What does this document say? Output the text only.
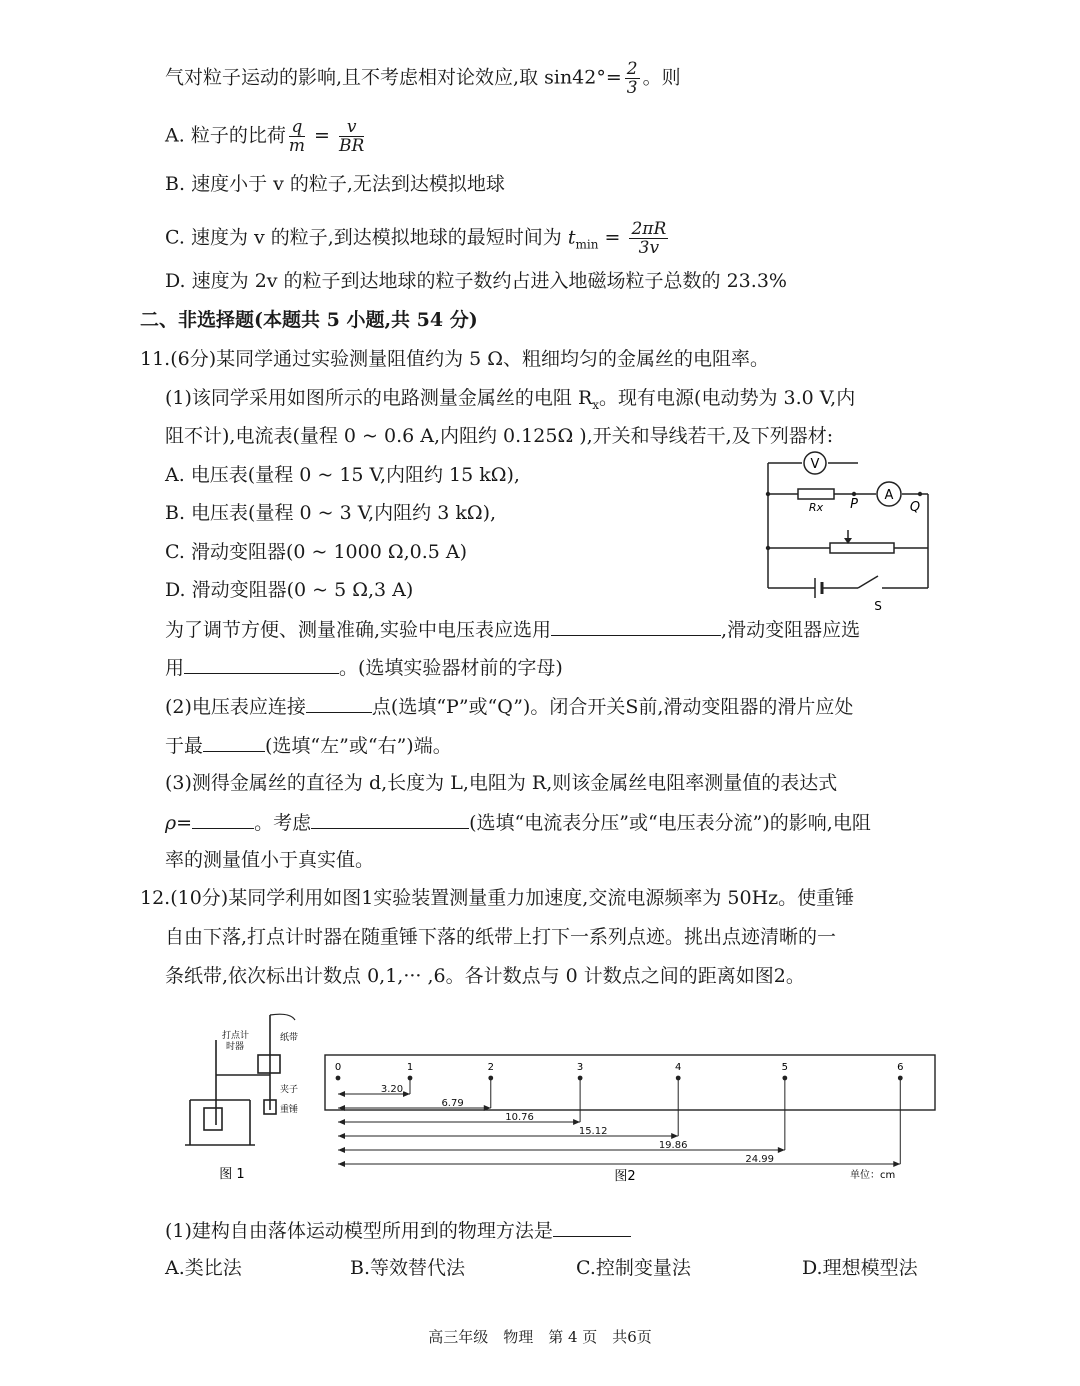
气对粒子运动的影响,且不考虑相对论效应,取 $\sin 42^\circ= \frac{2}{3}$ 。则
A. 粒子的比荷 $\frac{q}{m} = \frac{v}{BR}$
B. 速度小于 v 的粒子,无法到达模拟地球
C. 速度为 v 的粒子,到达模拟地球的最短时间为 $t_{min} = \frac{2\pi R}{3v}$
D. 速度为 2v 的粒子到达地球的粒子数约占进入地磁场粒子总数的 23.3%
二、非选择题(本题共 5 小题,共 54 分)
11.(6分)某同学通过实验测量阻值约为 5 Ω、粗细均匀的金属丝的电阻率。
(1)该同学采用如图所示的电路测量金属丝的电阻 $R_x$。现有电源(电动势为 3.0 V,内
阻不计),电流表(量程 0 ~ 0.6 A,内阻约 0.125Ω ),开关和导线若干,及下列器材:
A. 电压表(量程 0 ~ 15 V,内阻约 15 kΩ),
B. 电压表(量程 0 ~ 3 V,内阻约 3 kΩ),
C. 滑动变阻器(0 ~ 1000 Ω,0.5 A)
D. 滑动变阻器(0 ~ 5 Ω,3 A)
为了调节方便、测量准确,实验中电压表应选用	,滑动变阻器应选
用	。(选填实验器材前的字母)
(2)电压表应连接	点(选填“P”或“Q”)。闭合开关S前,滑动变阻器的滑片应处
于最	(选填“左”或“右”)端。
(3)测得金属丝的直径为 d,长度为 L,电阻为 R,则该金属丝电阻率测量值的表达式
ρ=	。考虑	(选填“电流表分压”或“电压表分流”)的影响,电阻
率的测量值小于真实值。
V
A
Rx P	Q
S
12.(10分)某同学利用如图1实验装置测量重力加速度,交流电源频率为 50Hz。使重锤
自由下落,打点计时器在随重锤下落的纸带上打下一系列点迹。挑出点迹清晰的一
条纸带,依次标出计数点 0,1,··· ,6。各计数点与 0 计数点之间的距离如图2。
打点计
时器
纸带
夹子
重锤
图 1	图2	单位：cm
0	1	2	3	4	5	6
3.20
6.79
10.76
15.12
19.86
24.99
(1)建构自由落体运动模型所用到的物理方法是
A.类比法	B.等效替代法	C.控制变量法	D.理想模型法
高三年级　物理　第 4 页　共6页
